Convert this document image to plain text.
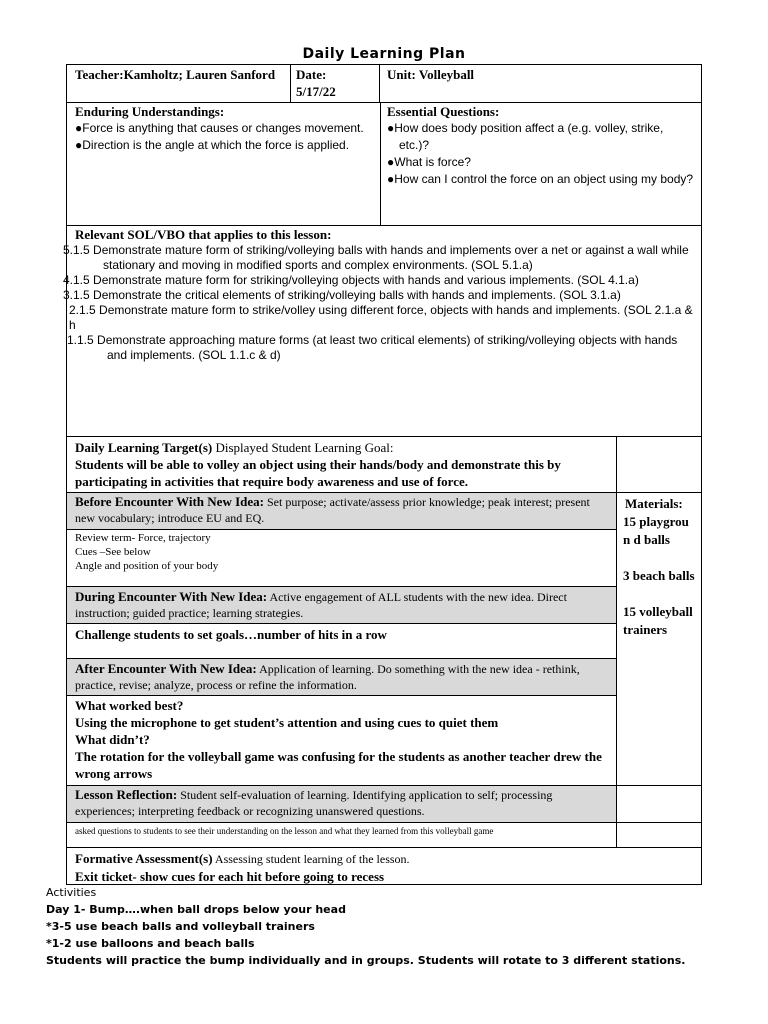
Daily Learning Plan
Teacher:Kamholtz; Lauren Sanford	Date:
5/17/22
Unit: Volleyball
Enduring Understandings:
●Force is anything that causes or changes movement.
●Direction is the angle at which the force is applied.
Essential Questions:
●How does body position affect a (e.g. volley, strike, etc.)?
●What is force?
●How can I control the force on an object using my body?
Relevant SOL/VBO that applies to this lesson:
5.1.5 Demonstrate mature form of striking/volleying balls with hands and implements over a net or against a wall while stationary and moving in modified sports and complex environments. (SOL 5.1.a)
4.1.5 Demonstrate mature form for striking/volleying objects with hands and various implements. (SOL 4.1.a)
3.1.5 Demonstrate the critical elements of striking/volleying balls with hands and implements. (SOL 3.1.a)
2.1.5 Demonstrate mature form to strike/volley using different force, objects with hands and implements. (SOL 2.1.a & h
1.1.5 Demonstrate approaching mature forms (at least two critical elements) of striking/volleying objects with hands and implements. (SOL 1.1.c & d)
Daily Learning Target(s) Displayed Student Learning Goal:
Students will be able to volley an object using their hands/body and demonstrate this by participating in activities that require body awareness and use of force.
Before Encounter With New Idea: Set purpose; activate/assess prior knowledge; peak interest; present new vocabulary; introduce EU and EQ.
Review term- Force, trajectory
Cues –See below
Angle and position of your body
During Encounter With New Idea: Active engagement of ALL students with the new idea. Direct instruction; guided practice; learning strategies.
Challenge students to set goals…number of hits in a row
After Encounter With New Idea: Application of learning. Do something with the new idea - rethink, practice, revise; analyze, process or refine the information.
What worked best?
Using the microphone to get student’s attention and using cues to quiet them
What didn’t?
The rotation for the volleyball game was confusing for the students as another teacher drew the wrong arrows
Materials:
15 playgroun d balls
3 beach balls
15 volleyball trainers
Lesson Reflection: Student self-evaluation of learning. Identifying application to self; processing experiences; interpreting feedback or recognizing unanswered questions.
asked questions to students to see their understanding on the lesson and what they learned from this volleyball game
Formative Assessment(s) Assessing student learning of the lesson.
Exit ticket- show cues for each hit before going to recess
Activities
Day 1- Bump….when ball drops below your head
*3-5 use beach balls and volleyball trainers
*1-2 use balloons and beach balls
Students will practice the bump individually and in groups. Students will rotate to 3 different stations.
